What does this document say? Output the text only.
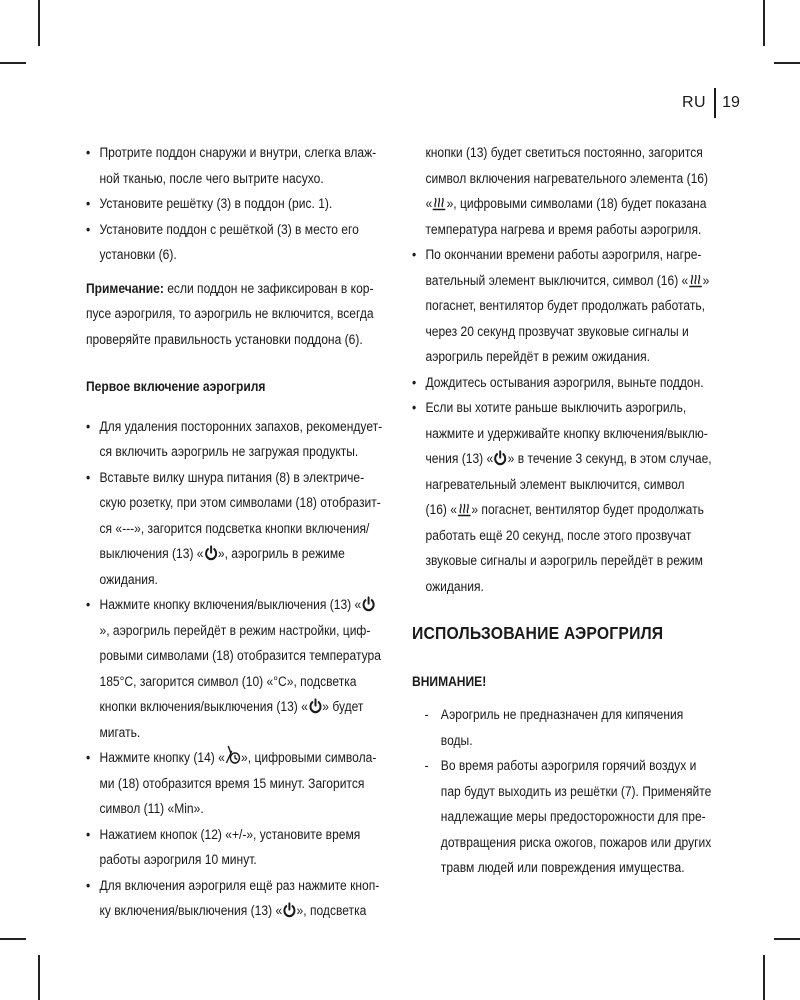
RU 19
• Протрите поддон снаружи и внутри, слегка влаж-
ной тканью, после чего вытрите насухо.
• Установите решётку (3) в поддон (рис. 1).
• Установите поддон с решёткой (3) в место его
установки (6).
Примечание: если поддон не зафиксирован в кор-
пусе аэрогриля, то аэрогриль не включится, всегда
проверяйте правильность установки поддона (6).
Первое включение аэрогриля
• Для удаления посторонних запахов, рекомендует-
ся включить аэрогриль не загружая продукты.
• Вставьте вилку шнура питания (8) в электриче-
скую розетку, при этом символами (18) отобразит-
ся «---», загорится подсветка кнопки включения/
выключения (13) « », аэрогриль в режиме
ожидания.
• Нажмите кнопку включения/выключения (13) «
», аэрогриль перейдёт в режим настройки, циф-
ровыми символами (18) отобразится температура
185°С, загорится символ (10) «°С», подсветка
кнопки включения/выключения (13) « » будет
мигать.
• Нажмите кнопку (14) « », цифровыми символа-
ми (18) отобразится время 15 минут. Загорится
символ (11) «Min».
• Нажатием кнопок (12) «+/-», установите время
работы аэрогриля 10 минут.
• Для включения аэрогриля ещё раз нажмите кноп-
ку включения/выключения (13) « », подсветка
кнопки (13) будет светиться постоянно, загорится
символ включения нагревательного элемента (16)
« », цифровыми символами (18) будет показана
температура нагрева и время работы аэрогриля.
• По окончании времени работы аэрогриля, нагре-
вательный элемент выключится, символ (16) « »
погаснет, вентилятор будет продолжать работать,
через 20 секунд прозвучат звуковые сигналы и
аэрогриль перейдёт в режим ожидания.
• Дождитесь остывания аэрогриля, выньте поддон.
• Если вы хотите раньше выключить аэрогриль,
нажмите и удерживайте кнопку включения/выклю-
чения (13) « » в течение 3 секунд, в этом случае,
нагревательный элемент выключится, символ
(16) « » погаснет, вентилятор будет продолжать
работать ещё 20 секунд, после этого прозвучат
звуковые сигналы и аэрогриль перейдёт в режим
ожидания.
ИСПОЛЬЗОВАНИЕ АЭРОГРИЛЯ
ВНИМАНИЕ!
- Аэрогриль не предназначен для кипячения
воды.
- Во время работы аэрогриля горячий воздух и
пар будут выходить из решётки (7). Применяйте
надлежащие меры предосторожности для пре-
дотвращения риска ожогов, пожаров или других
травм людей или повреждения имущества.
